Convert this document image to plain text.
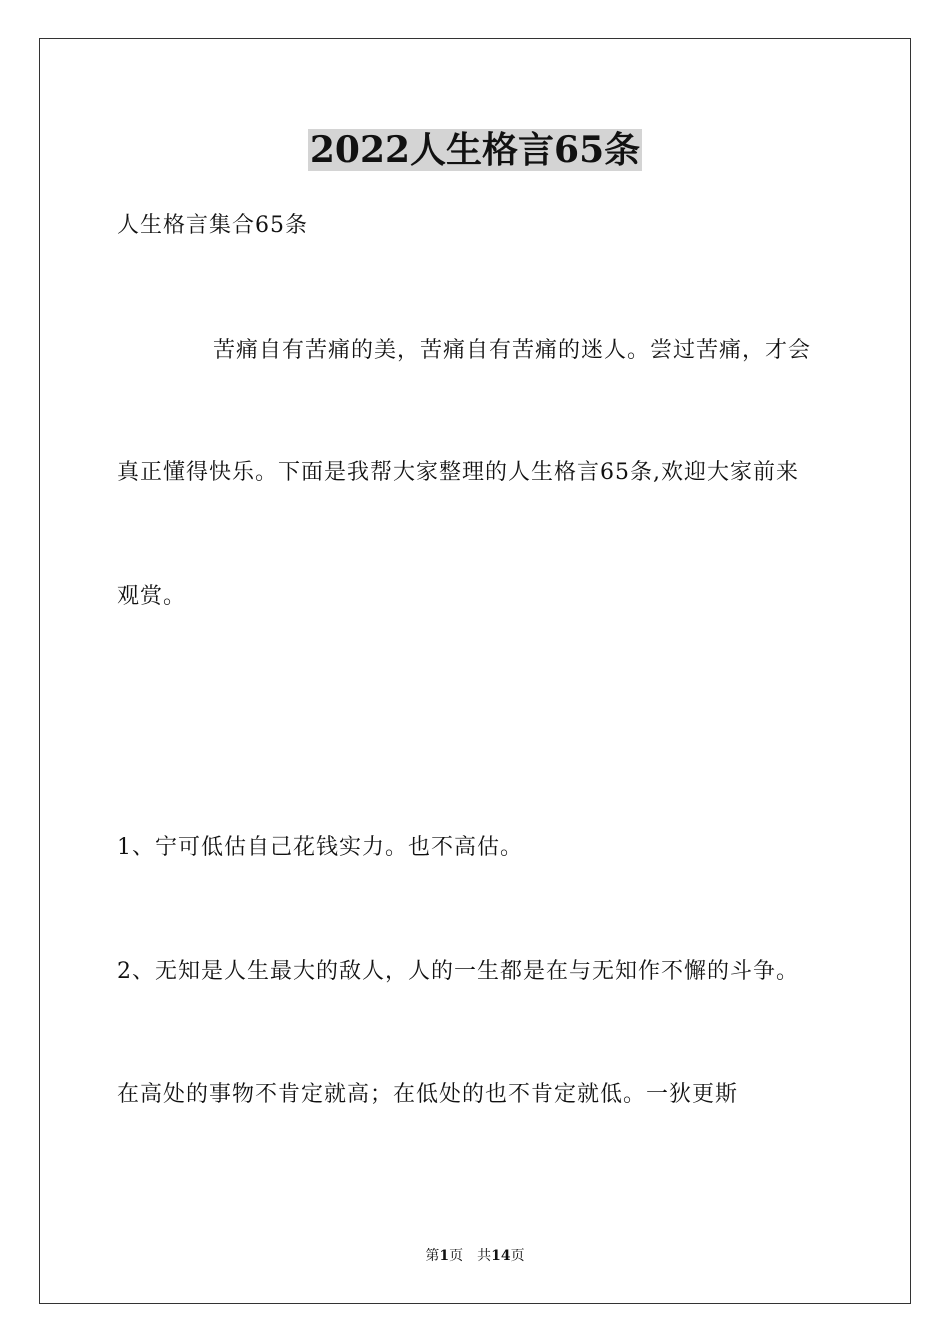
2022人生格言65条
人生格言集合65条
苦痛自有苦痛的美，苦痛自有苦痛的迷人。尝过苦痛，才会
真正懂得快乐。下面是我帮大家整理的人生格言65条,欢迎大家前来
观赏。
1、宁可低估自己花钱实力。也不高估。
2、无知是人生最大的敌人，人的一生都是在与无知作不懈的斗争。
在高处的事物不肯定就高；在低处的也不肯定就低。一狄更斯
第1页　共14页
